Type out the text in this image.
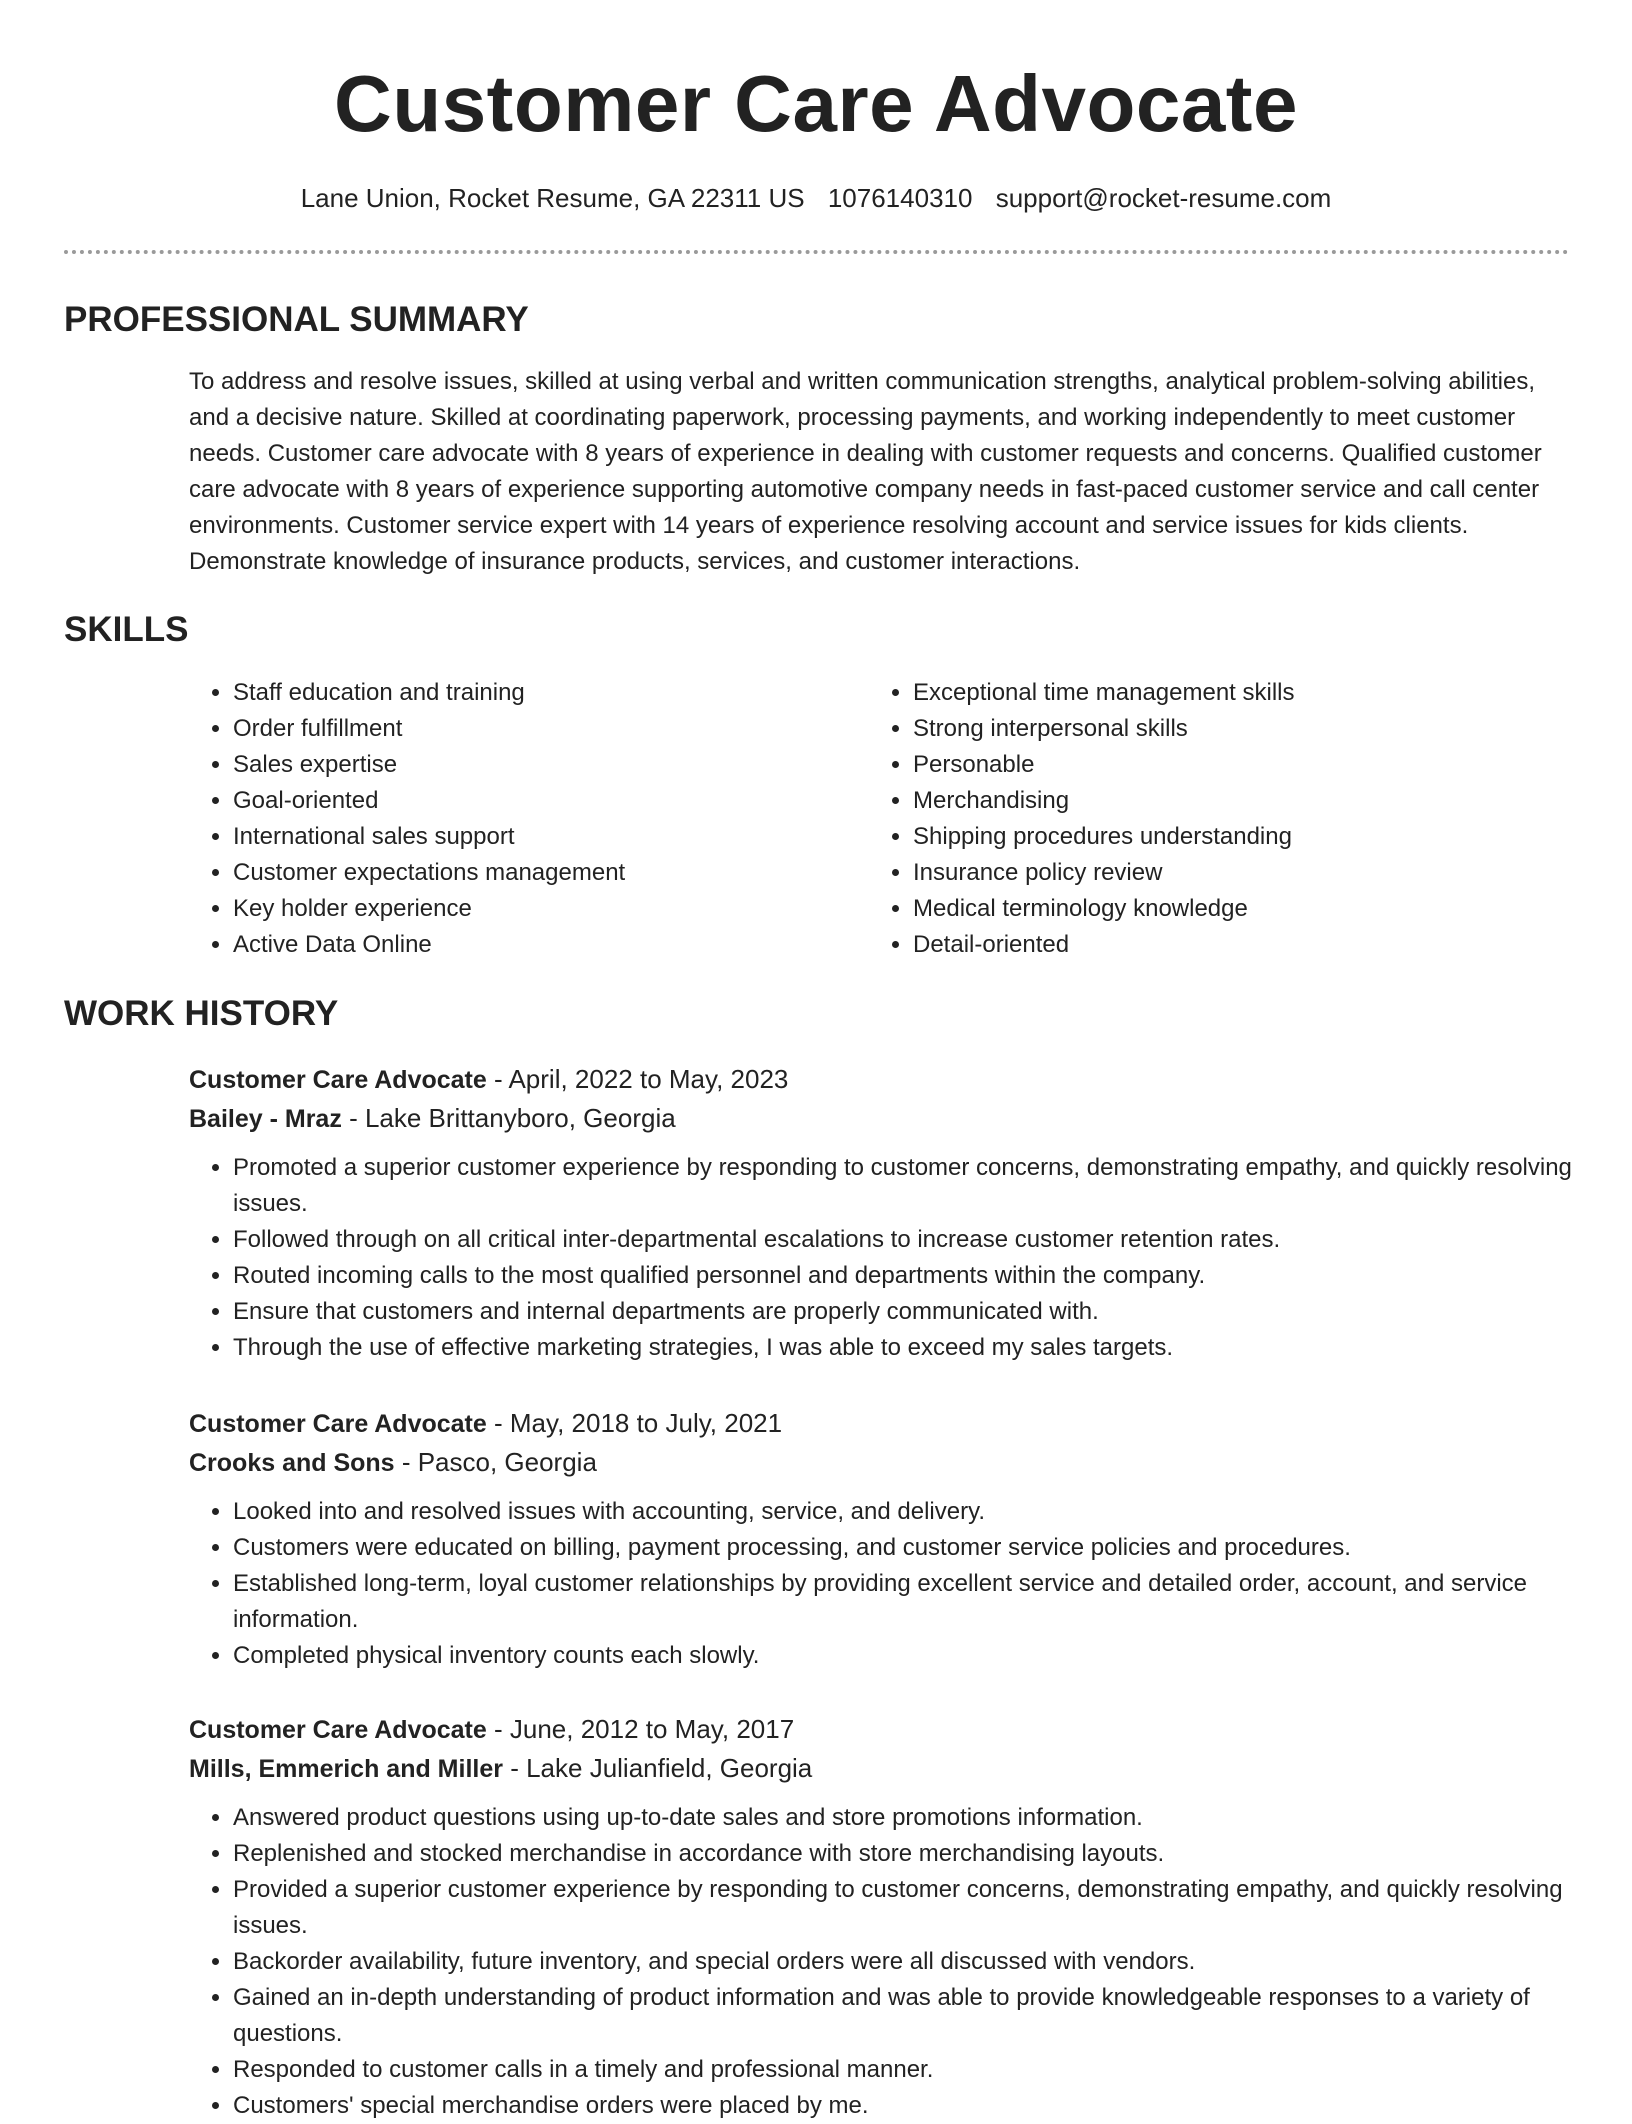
Customer Care Advocate
Lane Union, Rocket Resume, GA 22311 US 1076140310 support@rocket-resume.com
PROFESSIONAL SUMMARY

To address and resolve issues, skilled at using verbal and written communication strengths, analytical problem-solving abilities, and a decisive nature. Skilled at coordinating paperwork, processing payments, and working independently to meet customer needs. Customer care advocate with 8 years of experience in dealing with customer requests and concerns. Qualified customer care advocate with 8 years of experience supporting automotive company needs in fast-paced customer service and call center environments. Customer service expert with 14 years of experience resolving account and service issues for kids clients. Demonstrate knowledge of insurance products, services, and customer interactions.

SKILLS
• Staff education and training
• Order fulfillment
• Sales expertise
• Goal-oriented
• International sales support
• Customer expectations management
• Key holder experience
• Active Data Online
• Exceptional time management skills
• Strong interpersonal skills
• Personable
• Merchandising
• Shipping procedures understanding
• Insurance policy review
• Medical terminology knowledge
• Detail-oriented
WORK HISTORY
Customer Care Advocate - April, 2022 to May, 2023
Bailey - Mraz - Lake Brittanyboro, Georgia
• Promoted a superior customer experience by responding to customer concerns, demonstrating empathy, and quickly resolving issues.
• Followed through on all critical inter-departmental escalations to increase customer retention rates.
• Routed incoming calls to the most qualified personnel and departments within the company.
• Ensure that customers and internal departments are properly communicated with.
• Through the use of effective marketing strategies, I was able to exceed my sales targets.
Customer Care Advocate - May, 2018 to July, 2021
Crooks and Sons - Pasco, Georgia
• Looked into and resolved issues with accounting, service, and delivery.
• Customers were educated on billing, payment processing, and customer service policies and procedures.
• Established long-term, loyal customer relationships by providing excellent service and detailed order, account, and service information.
• Completed physical inventory counts each slowly.
Customer Care Advocate - June, 2012 to May, 2017
Mills, Emmerich and Miller - Lake Julianfield, Georgia
• Answered product questions using up-to-date sales and store promotions information.
• Replenished and stocked merchandise in accordance with store merchandising layouts.
• Provided a superior customer experience by responding to customer concerns, demonstrating empathy, and quickly resolving issues.
• Backorder availability, future inventory, and special orders were all discussed with vendors.
• Gained an in-depth understanding of product information and was able to provide knowledgeable responses to a variety of questions.
• Responded to customer calls in a timely and professional manner.
• Customers' special merchandise orders were placed by me.
